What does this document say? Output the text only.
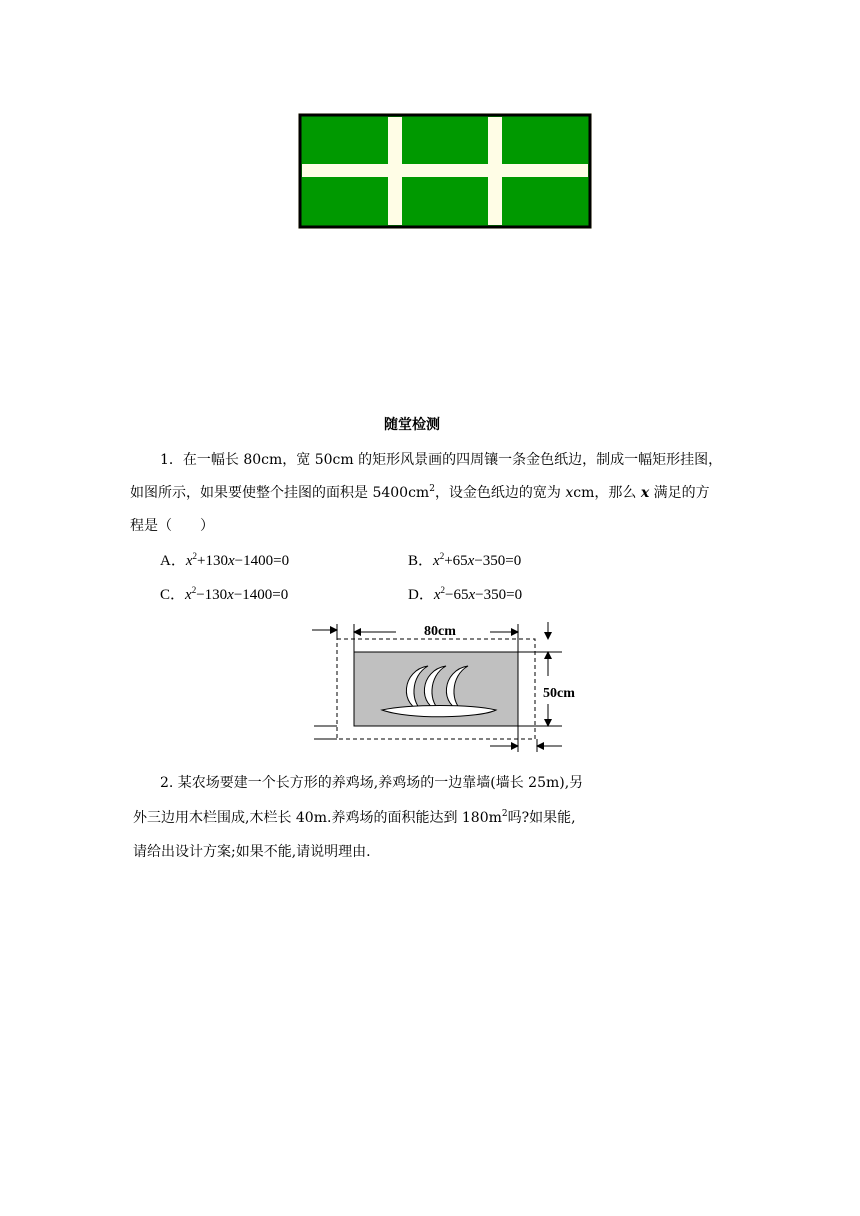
随堂检测
1．在一幅长 80cm，宽 50cm 的矩形风景画的四周镶一条金色纸边，制成一幅矩形挂图，
如图所示，如果要使整个挂图的面积是 $5400cm^2$，设金色纸边的宽为 xcm，那么 x 满足的方
程是（　　）
A．$x^2+130x-1400=0$	B．$x^2+65x-350=0$
C．$x^2-130x-1400=0$	D．$x^2-65x-350=0$
80cm
50cm
2. 某农场要建一个长方形的养鸡场,养鸡场的一边靠墙(墙长 25m),另
外三边用木栏围成,木栏长 40m.养鸡场的面积能达到 $180m^2$吗?如果能,
请给出设计方案;如果不能,请说明理由.
